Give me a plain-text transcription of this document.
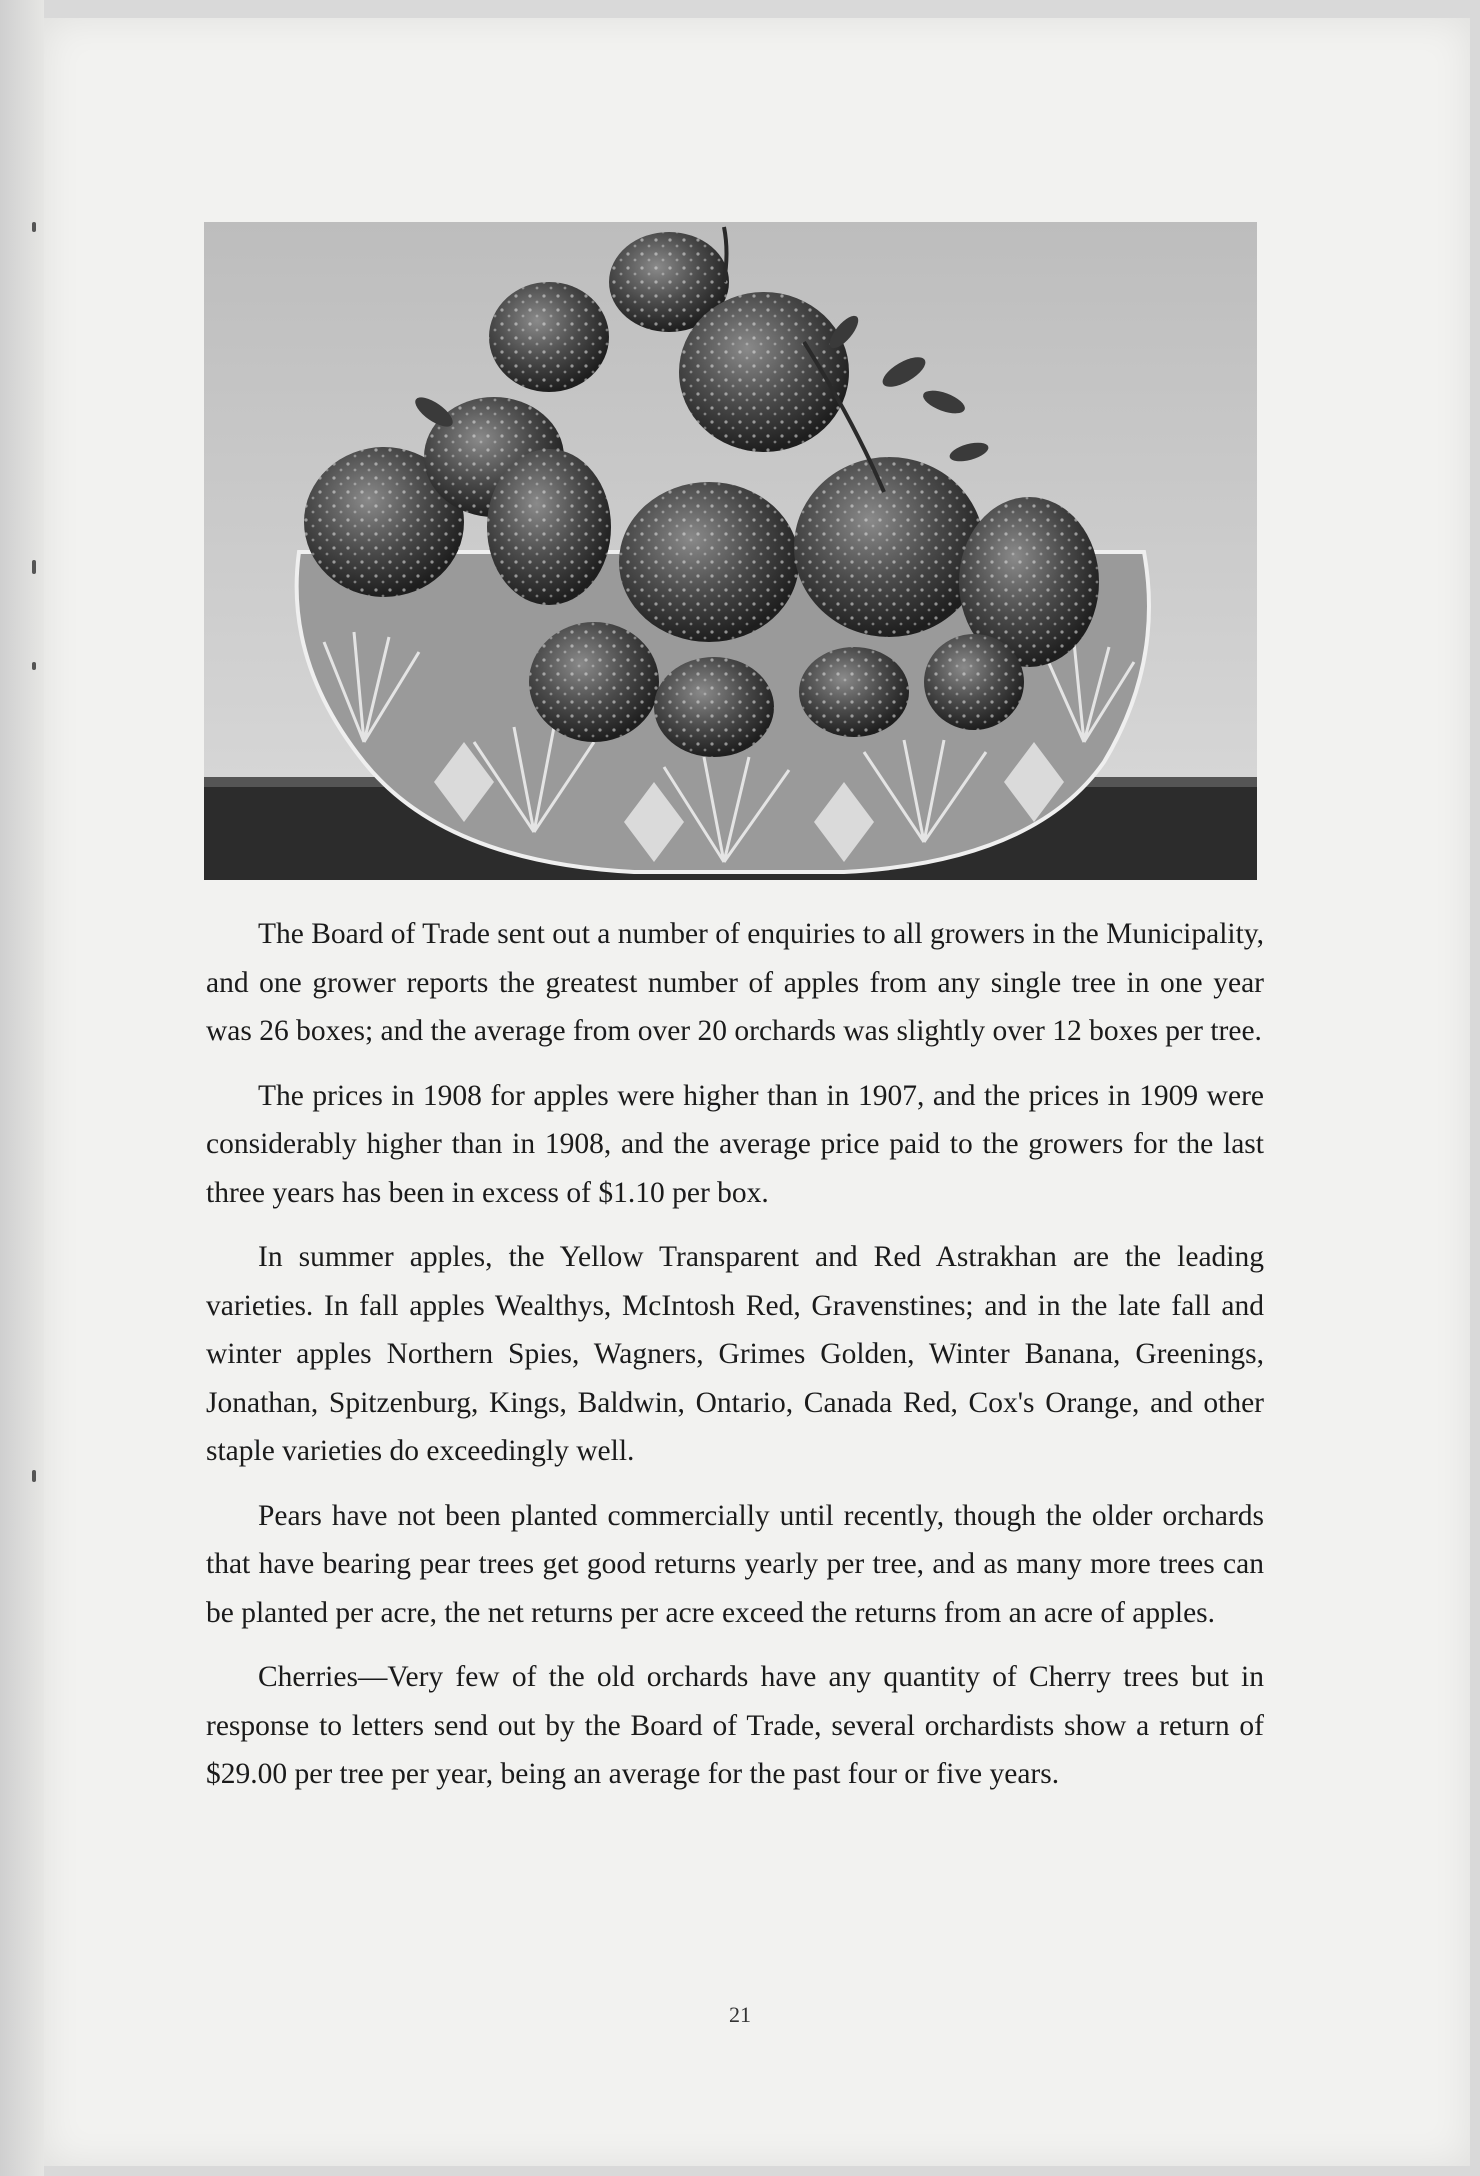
The Board of Trade sent out a number of enquiries to all growers in the Municipality, and one grower reports the greatest number of apples from any single tree in one year was 26 boxes; and the average from over 20 orchards was slightly over 12 boxes per tree.

The prices in 1908 for apples were higher than in 1907, and the prices in 1909 were considerably higher than in 1908, and the average price paid to the growers for the last three years has been in excess of $1.10 per box.

In summer apples, the Yellow Transparent and Red Astrakhan are the leading varieties. In fall apples Wealthys, McIntosh Red, Gravenstines; and in the late fall and winter apples Northern Spies, Wagners, Grimes Golden, Winter Banana, Greenings, Jonathan, Spitzenburg, Kings, Baldwin, Ontario, Canada Red, Cox's Orange, and other staple varieties do exceedingly well.

Pears have not been planted commercially until recently, though the older orchards that have bearing pear trees get good returns yearly per tree, and as many more trees can be planted per acre, the net returns per acre exceed the returns from an acre of apples.

Cherries—Very few of the old orchards have any quantity of Cherry trees but in response to letters send out by the Board of Trade, several orchardists show a return of $29.00 per tree per year, being an average for the past four or five years.

21
